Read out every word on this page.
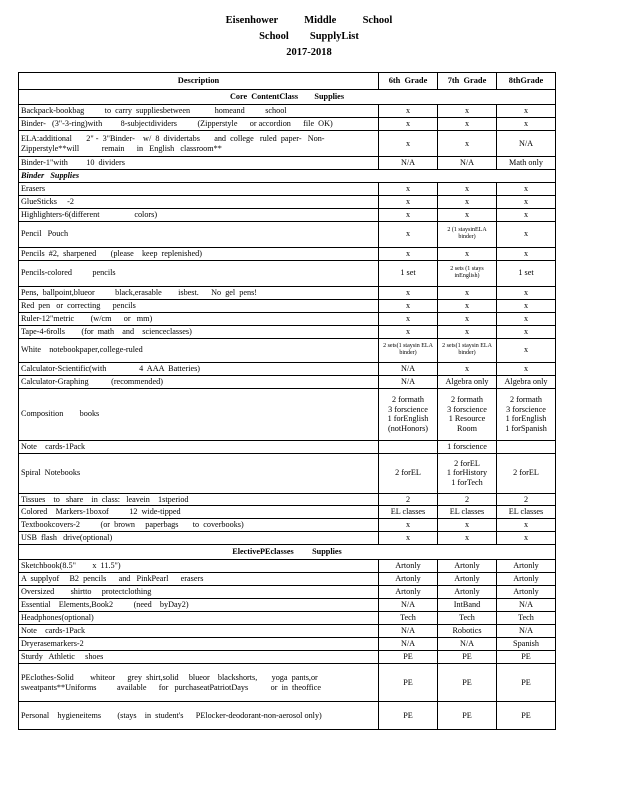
Eisenhower          Middle          School
School        SupplyList
2017-2018
Description	6th  Grade	7th  Grade	8thGrade
Core  ContentClass        Supplies			
Backpack-bookbag          to  carry  suppliesbetween            homeand          school	x	x	x
Binder-   (3"-3-ring)with         8-subjectdividers          (Zipperstyle      or accordion      file  OK)	x	x	x
ELA:additional       2" -  3"Binder-    w/  8  dividertabs       and  college   ruled  paper-   Non-Zipperstyle**will           remain      in   English   classroom**	x	x	N/A
Binder-1"with         10  dividers	N/A	N/A	Math only
Binder   Supplies			
Erasers	x	x	x
GlueSticks     -2	x	x	x
Highlighters-6(different                 colors)	x	x	x
Pencil   Pouch	x	2 (1 staysinELA binder)	x
Pencils  #2,  sharpened       (please    keep  replenished)	x	x	x
Pencils-colored          pencils	1 set	2 sets (1 stays inEnglish)	1 set
Pens,  ballpoint,blueor          black,erasable        isbest.      No  gel  pens!	x	x	x
Red  pen   or  correcting      pencils	x	x	x
Ruler-12"metric        (w/cm      or   mm)	x	x	x
Tape-4-6rolls        (for  math    and    scienceclasses)	x	x	x
White    notebookpaper,college-ruled	2 sets(1 staysin ELA binder)	2 sets(1 staysin ELA binder)	x
Calculator-Scientific(with                4  AAA  Batteries)	N/A	x	x
Calculator-Graphing           (recommended)	N/A	Algebra only	Algebra only
Composition        books	2 formath
3 forscience
1 forEnglish
(notHonors)	2 formath
3 forscience
1 Resource
Room	2 formath
3 forscience
1 forEnglish
1 forSpanish
Note    cards-1Pack		1 forscience	
Spiral  Notebooks	2 forEL	2 forEL
1 forHistory
1 forTech	2 forEL
Tissues    to   share    in  class:   leavein    1stperiod	2	2	2
Colored    Markers-1boxof          12  wide-tipped	EL classes	EL classes	EL classes
Textbookcovers-2          (or  brown     paperbags       to  coverbooks)	x	x	x
USB  flash   drive(optional)	x	x	x
ElectivePEclasses         Supplies			
Sketchbook(8.5"        x  11.5")	Artonly	Artonly	Artonly
A  supplyof     B2  pencils      and   PinkPearl      erasers	Artonly	Artonly	Artonly
Oversized        shirtto     protectclothing	Artonly	Artonly	Artonly
Essential    Elements,Book2          (need    byDay2)	N/A	IntBand	N/A
Headphones(optional)	Tech	Tech	Tech
Note    cards-1Pack	N/A	Robotics	N/A
Dryerasemarkers-2	N/A	N/A	Spanish
Sturdy   Athletic     shoes	PE	PE	PE
PEclothes-Solid        whiteor      grey  shirt,solid     blueor    blackshorts,       yoga  pants,or sweatpants**Uniforms          available      for   purchaseatPatriotDays           or  in  theoffice	PE	PE	PE
Personal    hygieneitems        (stays    in  student's      PElocker-deodorant-non-aerosol only)	PE	PE	PE
